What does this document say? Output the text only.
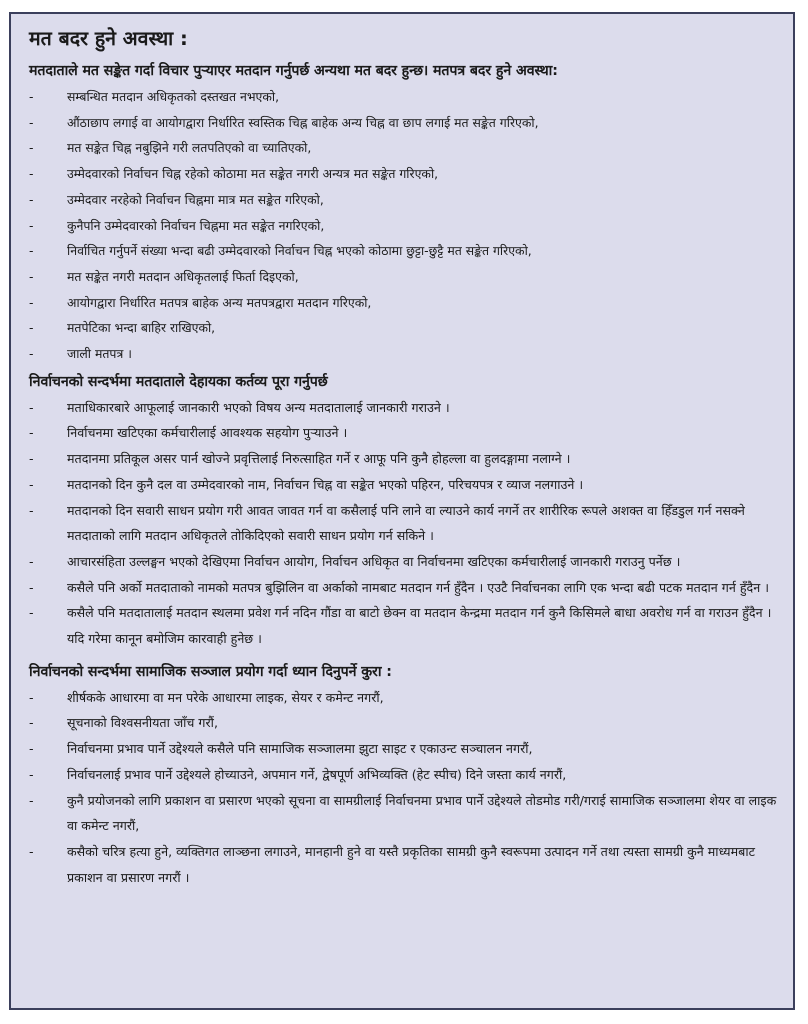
मत बदर हुने अवस्था :
मतदाताले मत सङ्केत गर्दा विचार पुऱ्याएर मतदान गर्नुपर्छ अन्यथा मत बदर हुन्छ। मतपत्र बदर हुने अवस्था:
-	सम्बन्धित मतदान अधिकृतको दस्तखत नभएको,
-	औंठाछाप लगाई वा आयोगद्वारा निर्धारित स्वस्तिक चिह्न बाहेक अन्य चिह्न वा छाप लगाई मत सङ्केत गरिएको,
-	मत सङ्केत चिह्न नबुझिने गरी लतपतिएको वा च्यातिएको,
-	उम्मेदवारको निर्वाचन चिह्न रहेको कोठामा मत सङ्केत नगरी अन्यत्र मत सङ्केत गरिएको,
-	उम्मेदवार नरहेको निर्वाचन चिह्नमा मात्र मत सङ्केत गरिएको,
-	कुनैपनि उम्मेदवारको निर्वाचन चिह्नमा मत सङ्केत नगरिएको,
-	निर्वाचित गर्नुपर्ने संख्या भन्दा बढी उम्मेदवारको निर्वाचन चिह्न भएको कोठामा छुट्टा-छुट्टै मत सङ्केत गरिएको,
-	मत सङ्केत नगरी मतदान अधिकृतलाई फिर्ता दिइएको,
-	आयोगद्वारा निर्धारित मतपत्र बाहेक अन्य मतपत्रद्वारा मतदान गरिएको,
-	मतपेटिका भन्दा बाहिर राखिएको,
-	जाली मतपत्र ।
निर्वाचनको सन्दर्भमा मतदाताले देहायका कर्तव्य पूरा गर्नुपर्छ
-	मताधिकारबारे आफूलाई जानकारी भएको विषय अन्य मतदातालाई जानकारी गराउने ।
-	निर्वाचनमा खटिएका कर्मचारीलाई आवश्यक सहयोग पुऱ्याउने ।
-	मतदानमा प्रतिकूल असर पार्न खोज्ने प्रवृत्तिलाई निरुत्साहित गर्ने र आफू पनि कुनै होहल्ला वा हुलदङ्गामा नलाग्ने ।
-	मतदानको दिन कुनै दल वा उम्मेदवारको नाम, निर्वाचन चिह्न वा सङ्केत भएको पहिरन, परिचयपत्र र व्याज नलगाउने ।
-	मतदानको दिन सवारी साधन प्रयोग गरी आवत जावत गर्न वा कसैलाई पनि लाने वा ल्याउने कार्य नगर्ने तर शारीरिक रूपले अशक्त वा हिँडडुल गर्न नसक्ने मतदाताको लागि मतदान अधिकृतले तोकिदिएको सवारी साधन प्रयोग गर्न सकिने ।
-	आचारसंहिता उल्लङ्घन भएको देखिएमा निर्वाचन आयोग, निर्वाचन अधिकृत वा निर्वाचनमा खटिएका कर्मचारीलाई जानकारी गराउनु पर्नेछ ।
-	कसैले पनि अर्को मतदाताको नामको मतपत्र बुझिलिन वा अर्काको नामबाट मतदान गर्न हुँदैन । एउटै निर्वाचनका लागि एक भन्दा बढी पटक मतदान गर्न हुँदैन ।
-	कसैले पनि मतदातालाई मतदान स्थलमा प्रवेश गर्न नदिन गौंडा वा बाटो छेक्न वा मतदान केन्द्रमा मतदान गर्न कुनै किसिमले बाधा अवरोध गर्न वा गराउन हुँदैन । यदि गरेमा कानून बमोजिम कारवाही हुनेछ ।
निर्वाचनको सन्दर्भमा सामाजिक सञ्जाल प्रयोग गर्दा ध्यान दिनुपर्ने कुरा :
-	शीर्षकके आधारमा वा मन परेके आधारमा लाइक, सेयर र कमेन्ट नगरौं,
-	सूचनाको विश्वसनीयता जाँच गरौं,
-	निर्वाचनमा प्रभाव पार्ने उद्देश्यले कसैले पनि सामाजिक सञ्जालमा झुटा साइट र एकाउन्ट सञ्चालन नगरौं,
-	निर्वाचनलाई प्रभाव पार्ने उद्देश्यले होच्याउने, अपमान गर्ने, द्वेषपूर्ण अभिव्यक्ति (हेट स्पीच) दिने जस्ता कार्य नगरौं,
-	कुनै प्रयोजनको लागि प्रकाशन वा प्रसारण भएको सूचना वा सामग्रीलाई निर्वाचनमा प्रभाव पार्ने उद्देश्यले तोडमोड गरी/गराई सामाजिक सञ्जालमा शेयर वा लाइक वा कमेन्ट नगरौं,
-	कसैको चरित्र हत्या हुने, व्यक्तिगत लाञ्छना लगाउने, मानहानी हुने वा यस्तै प्रकृतिका सामग्री कुनै स्वरूपमा उत्पादन गर्ने तथा त्यस्ता सामग्री कुनै माध्यमबाट प्रकाशन वा प्रसारण नगरौं ।
